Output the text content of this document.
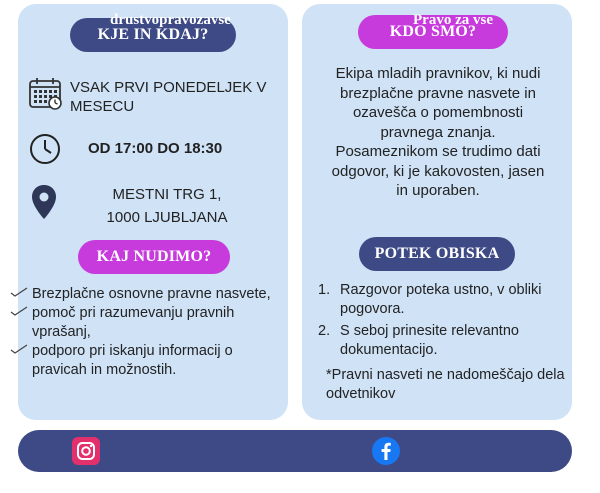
KJE IN KDAJ?
VSAK PRVI PONEDELJEK V MESECU
OD 17:00 DO 18:30
MESTNI TRG 1,
1000 LJUBLJANA
KAJ NUDIMO?
Brezplačne osnovne pravne nasvete,
pomoč pri razumevanju pravnih vprašanj,
podporo pri iskanju informacij o pravicah in možnostih.
KDO SMO?
Ekipa mladih pravnikov, ki nudi brezplačne pravne nasvete in ozavešča o pomembnosti pravnega znanja. Posameznikom se trudimo dati odgovor, ki je kakovosten, jasen in uporaben.
POTEK OBISKA
1. Razgovor poteka ustno, v obliki pogovora.
2. S seboj prinesite relevantno dokumentacijo.
*Pravni nasveti ne nadomeščajo dela odvetnikov
drustvopravozavse	Pravo za vse
